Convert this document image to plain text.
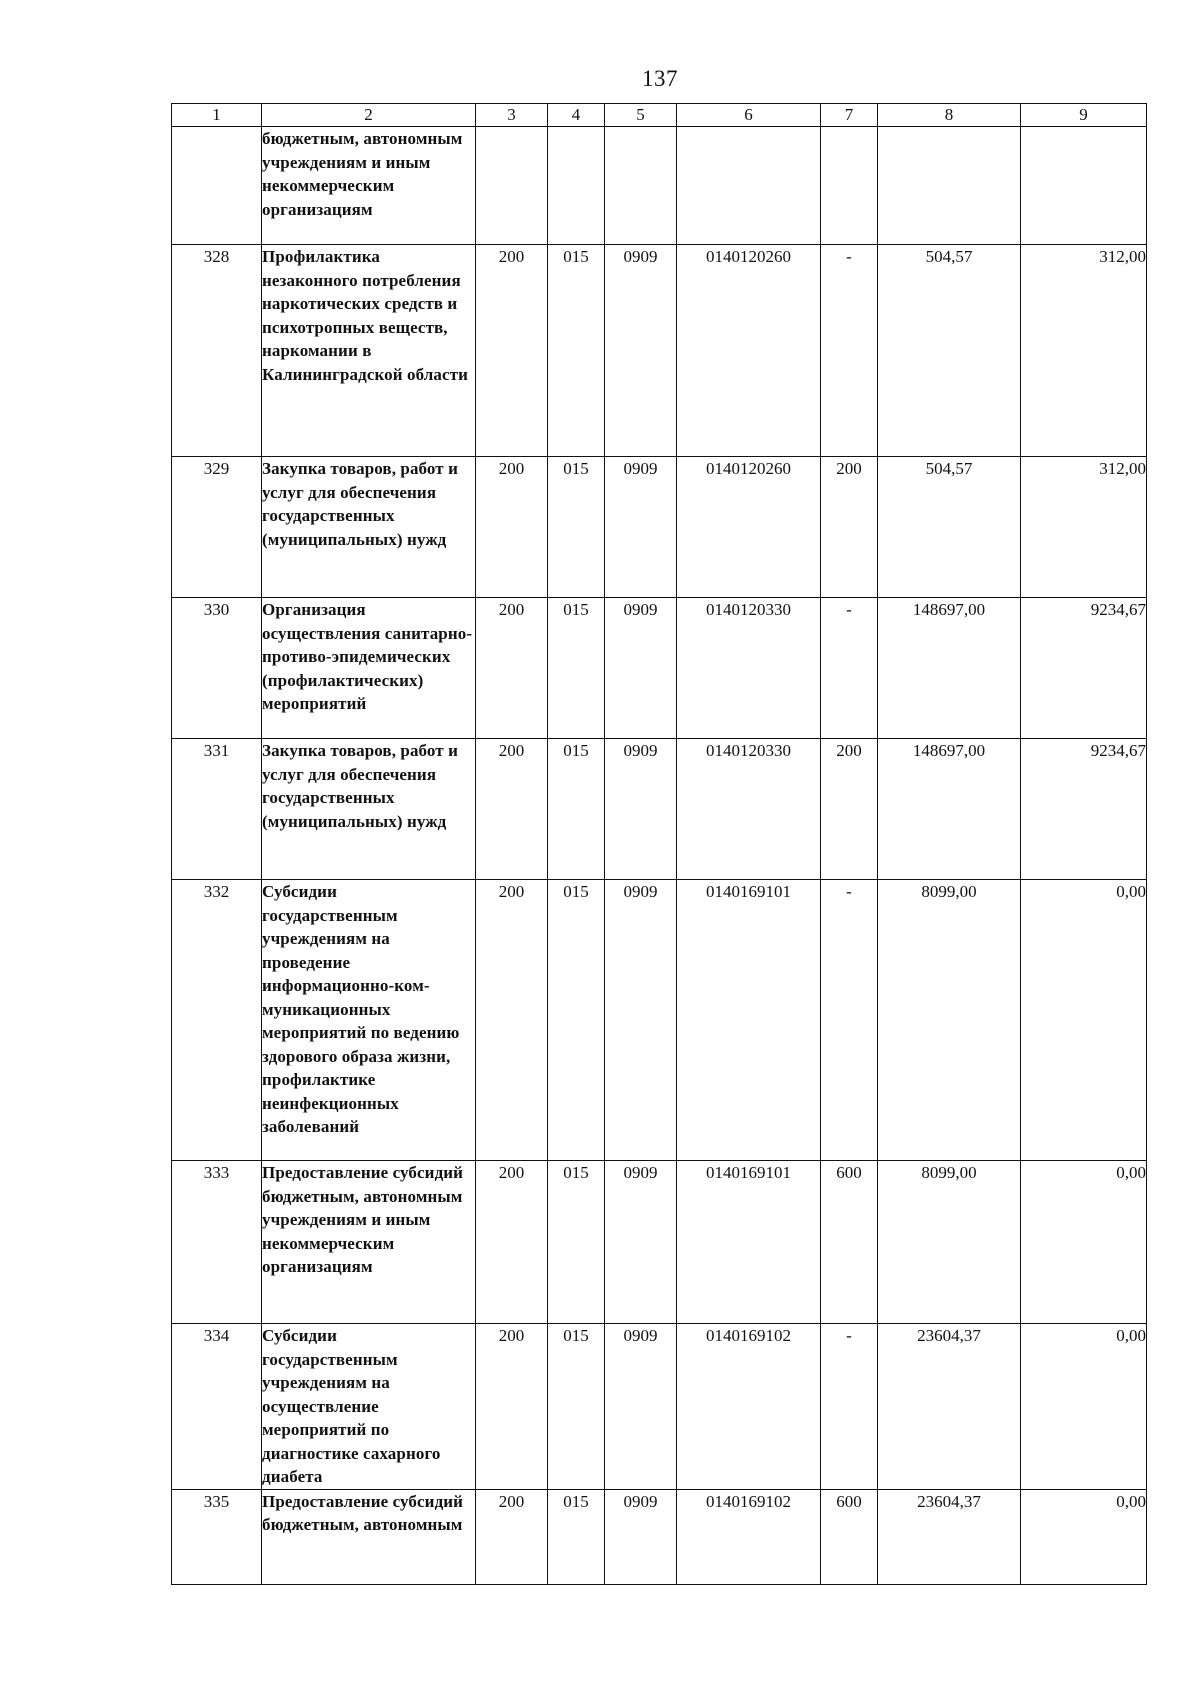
137
1	2	3	4	5	6	7	8	9
	бюджетным, автономным учреждениям и иным некоммерческим организациям							
328	Профилактика незаконного потребления наркотических средств и психотропных веществ, наркомании в Калининградской области	200	015	0909	0140120260	-	504,57	312,00
329	Закупка товаров, работ и услуг для обеспечения государственных (муниципальных) нужд	200	015	0909	0140120260	200	504,57	312,00
330	Организация осуществления санитарно-противо-эпидемических (профилактических) мероприятий	200	015	0909	0140120330	-	148697,00	9234,67
331	Закупка товаров, работ и услуг для обеспечения государственных (муниципальных) нужд	200	015	0909	0140120330	200	148697,00	9234,67
332	Субсидии государственным учреждениям на проведение информационно-ком-муникационных мероприятий по ведению здорового образа жизни, профилактике неинфекционных заболеваний	200	015	0909	0140169101	-	8099,00	0,00
333	Предоставление субсидий бюджетным, автономным учреждениям и иным некоммерческим организациям	200	015	0909	0140169101	600	8099,00	0,00
334	Субсидии государственным учреждениям на осуществление мероприятий по диагностике сахарного диабета	200	015	0909	0140169102	-	23604,37	0,00
335	Предоставление субсидий бюджетным, автономным	200	015	0909	0140169102	600	23604,37	0,00
